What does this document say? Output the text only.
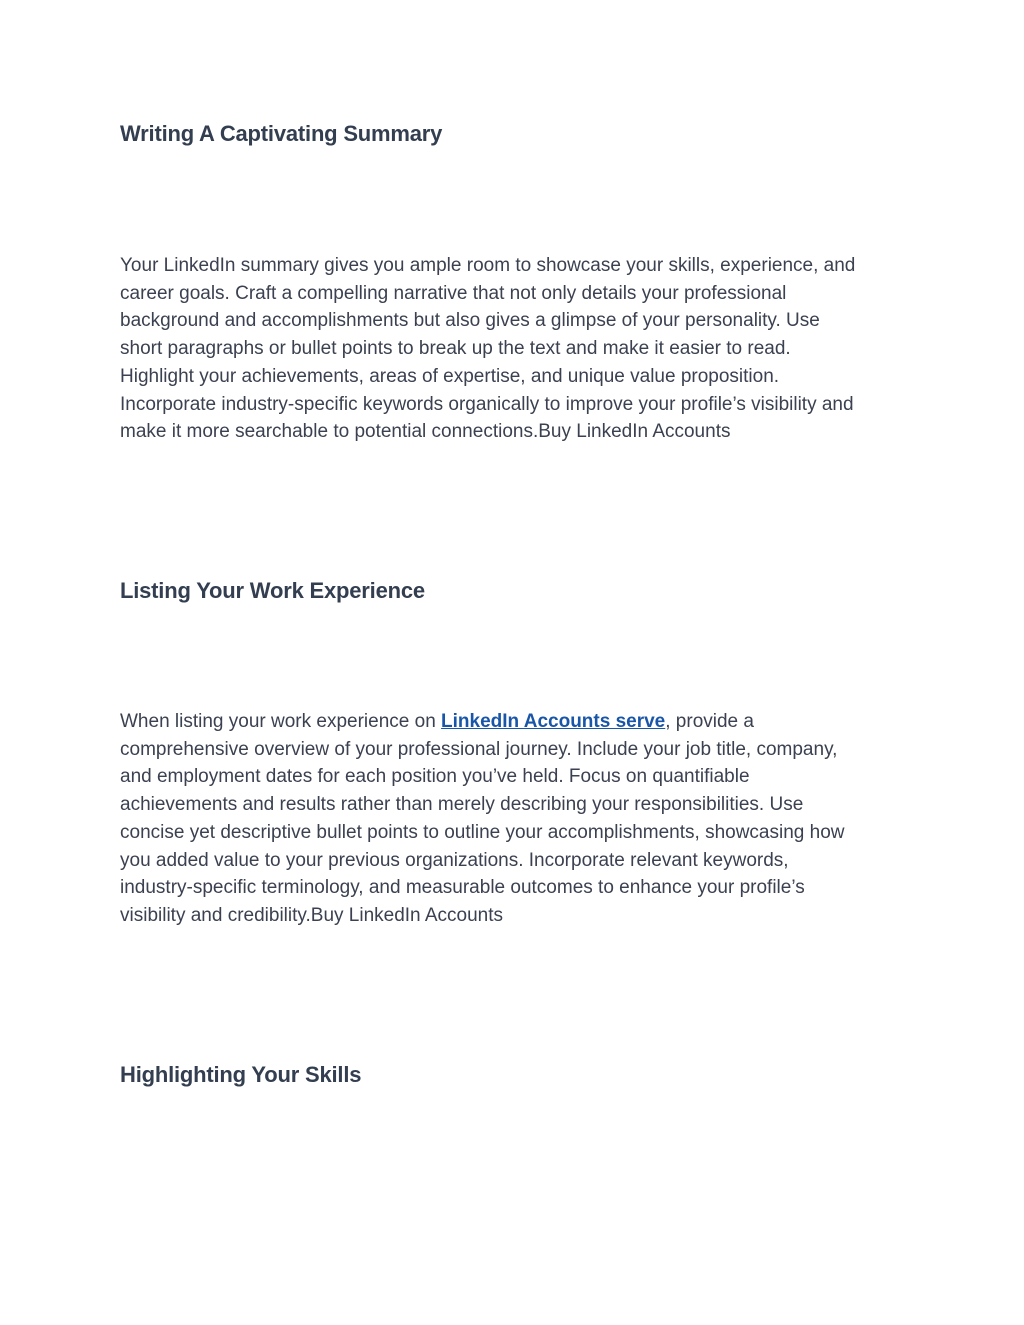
Writing A Captivating Summary

Your LinkedIn summary gives you ample room to showcase your skills, experience, and
career goals. Craft a compelling narrative that not only details your professional
background and accomplishments but also gives a glimpse of your personality. Use
short paragraphs or bullet points to break up the text and make it easier to read.
Highlight your achievements, areas of expertise, and unique value proposition.
Incorporate industry-specific keywords organically to improve your profile’s visibility and
make it more searchable to potential connections.Buy LinkedIn Accounts

Listing Your Work Experience

When listing your work experience on LinkedIn Accounts serve, provide a
comprehensive overview of your professional journey. Include your job title, company,
and employment dates for each position you’ve held. Focus on quantifiable
achievements and results rather than merely describing your responsibilities. Use
concise yet descriptive bullet points to outline your accomplishments, showcasing how
you added value to your previous organizations. Incorporate relevant keywords,
industry-specific terminology, and measurable outcomes to enhance your profile’s
visibility and credibility.Buy LinkedIn Accounts

Highlighting Your Skills
